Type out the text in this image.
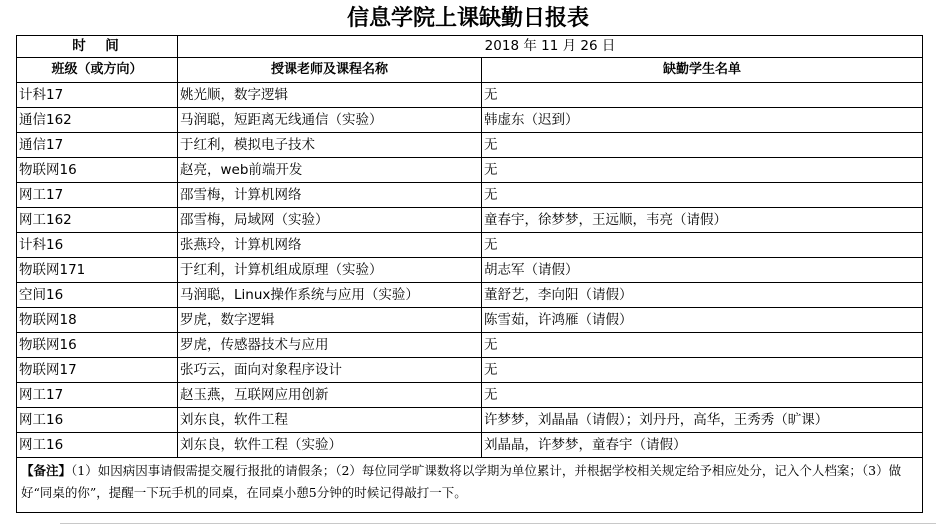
信息学院上课缺勤日报表
时　间	2018 年 11 月 26 日	
班级（或方向）	授课老师及课程名称	缺勤学生名单
计科17	姚光顺，数字逻辑	无
通信162	马润聪，短距离无线通信（实验）	韩虚东（迟到）
通信17	于红利，模拟电子技术	无
物联网16	赵亮，web前端开发	无
网工17	邵雪梅，计算机网络	无
网工162	邵雪梅，局域网（实验）	童春宇，徐梦梦，王远顺，韦亮（请假）
计科16	张燕玲，计算机网络	无
物联网171	于红利，计算机组成原理（实验）	胡志军（请假）
空间16	马润聪，Linux操作系统与应用（实验）	董舒艺，李向阳（请假）
物联网18	罗虎，数字逻辑	陈雪茹，许鸿雁（请假）
物联网16	罗虎，传感器技术与应用	无
物联网17	张巧云，面向对象程序设计	无
网工17	赵玉燕，互联网应用创新	无
网工16	刘东良，软件工程	许梦梦，刘晶晶（请假）；刘丹丹，高华，王秀秀（旷课）
网工16	刘东良，软件工程（实验）	刘晶晶，许梦梦，童春宇（请假）
【备注】（1）如因病因事请假需提交履行报批的请假条；（2）每位同学旷课数将以学期为单位累计，并根据学校相关规定给予相应处分，记入个人档案；（3）做好“同桌的你”，提醒一下玩手机的同桌，在同桌小憩5分钟的时候记得敲打一下。		
